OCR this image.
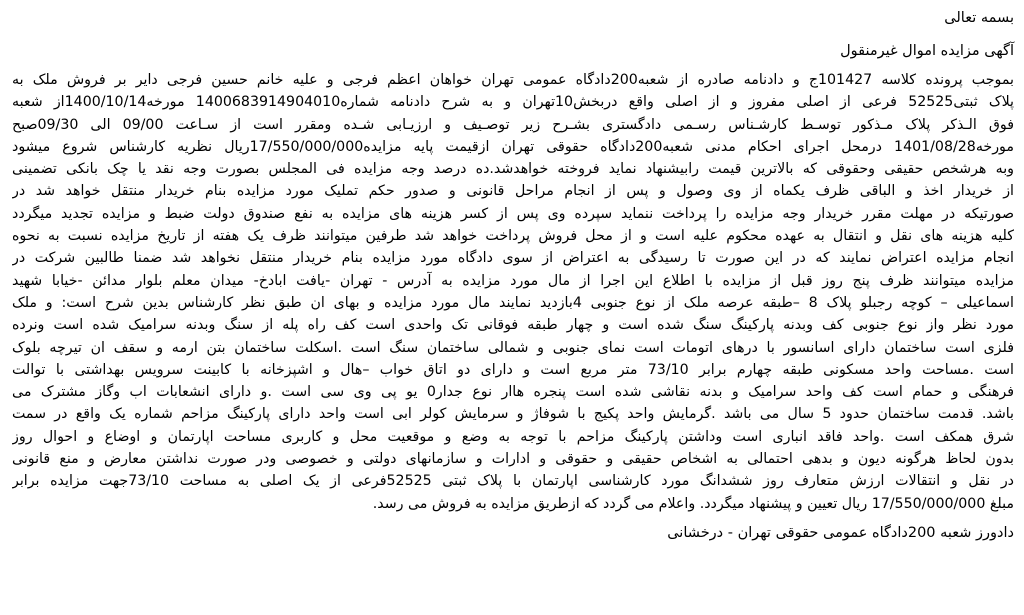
بسمه تعالی

آگهی مزایده اموال غیرمنقول

بموجب پرونده کلاسه 101427ج و دادنامه صادره از شعبه200دادگاه عمومی تهران خواهان اعظم فرجی و علیه خانم حسین فرجی دایر بر فروش ملک به
پلاک ثبتی52525 فرعی از اصلی مفروز و از اصلی واقع دربخش10تهران و به شرح دادنامه شماره1400683914904010 مورخه1400/10/14از شعبه
فوق الـذکر پلاک مـذکور توسـط کارشـناس رسـمی دادگستری بشـرح زیر توصـیف و ارزیـابی شـده ومقرر است از سـاعت 09/00 الی 09/30صبح
مورخه1401/08/28 درمحل اجرای احکام مدنی شعبه200دادگاه حقوقی تهران ازقیمت پایه مزایده17/550/000/000ریال نظریه کارشناس شروع میشود
وبه هرشخص حقیقی وحقوقی که بالاترین قیمت رابیشنهاد نماید فروخته خواهدشد.ده درصد وجه مزایده فی المجلس بصورت وجه نقد یا چک بانکی تضمینی
از خریدار اخذ و الباقی ظرف یکماه از وی وصول و پس از انجام مراحل قانونی و صدور حکم تملیک مورد مزایده بنام خریدار منتقل خواهد شد در
صورتیکه در مهلت مقرر خریدار وجه مزایده را پرداخت ننماید سپرده وی پس از کسر هزینه های مزایده به نفع صندوق دولت ضبط و مزایده تجدید میگردد
کلیه هزینه های نقل و انتقال به عهده محکوم علیه است و از محل فروش پرداخت خواهد شد طرفین میتوانند ظرف یک هفته از تاریخ مزایده نسبت به نحوه
انجام مزایده اعتراض نمایند که در این صورت تا رسیدگی به اعتراض از سوی دادگاه مورد مزایده بنام خریدار منتقل نخواهد شد ضمنا طالبین شرکت در
مزایده میتوانند ظرف پنج روز قبل از مزایده با اطلاع این اجرا از مال مورد مزایده به آدرس - تهران -یافت ابادخ- میدان معلم بلوار مدائن -خیابا شهید
اسماعیلی – کوچه رجبلو پلاک 8 –طبقه عرصه ملک از نوع جنوبی 4بازدید نمایند مال مورد مزایده و بهای ان طبق نظر کارشناس بدین شرح است: و ملک
مورد نظر واز نوع جنوبی کف وبدنه پارکینگ سنگ شده است و چهار طبقه فوقانی تک واحدی است کف راه پله از سنگ وبدنه سرامیک شده است ونرده
فلزی است ساختمان دارای اسانسور با درهای اتومات است نمای جنوبی و شمالی ساختمان سنگ است .اسکلت ساختمان بتن ارمه و سقف ان تیرچه بلوک
است .مساحت واحد مسکونی طبقه چهارم برابر 73/10 متر مربع است و دارای دو اتاق خواب –هال و اشپزخانه با کابینت سرویس بهداشتی با توالت
فرهنگی و حمام است کف واحد سرامیک و بدنه نقاشی شده است پنجره هاار نوع جدار0 یو پی وی سی است .و دارای انشعابات اب وگاز مشترک می
باشد. قدمت ساختمان حدود 5 سال می باشد .گرمایش واحد پکیج با شوفاژ و سرمایش کولر ابی است واحد دارای پارکینگ مزاحم شماره یک واقع در سمت
شرق همکف است .واحد فاقد انباری است وداشتن پارکینگ مزاحم با توجه به وضع و موقعیت محل و کاربری مساحت اپارتمان و اوضاع و احوال روز
بدون لحاظ هرگونه دیون و بدهی احتمالی به اشخاص حقیقی و حقوقی و ادارات و سازمانهای دولتی و خصوصی ودر صورت نداشتن معارض و منع قانونی
در نقل و انتقالات ارزش متعارف روز ششدانگ مورد کارشناسی اپارتمان با پلاک ثبتی 52525فرعی از یک اصلی به مساحت 73/10جهت مزایده برابر
مبلغ 17/550/000/000 ریال تعیین و پیشنهاد میگردد. واعلام می گردد که ازطریق مزایده به فروش می رسد.

دادورز شعبه 200دادگاه عمومی حقوقی تهران - درخشانی
